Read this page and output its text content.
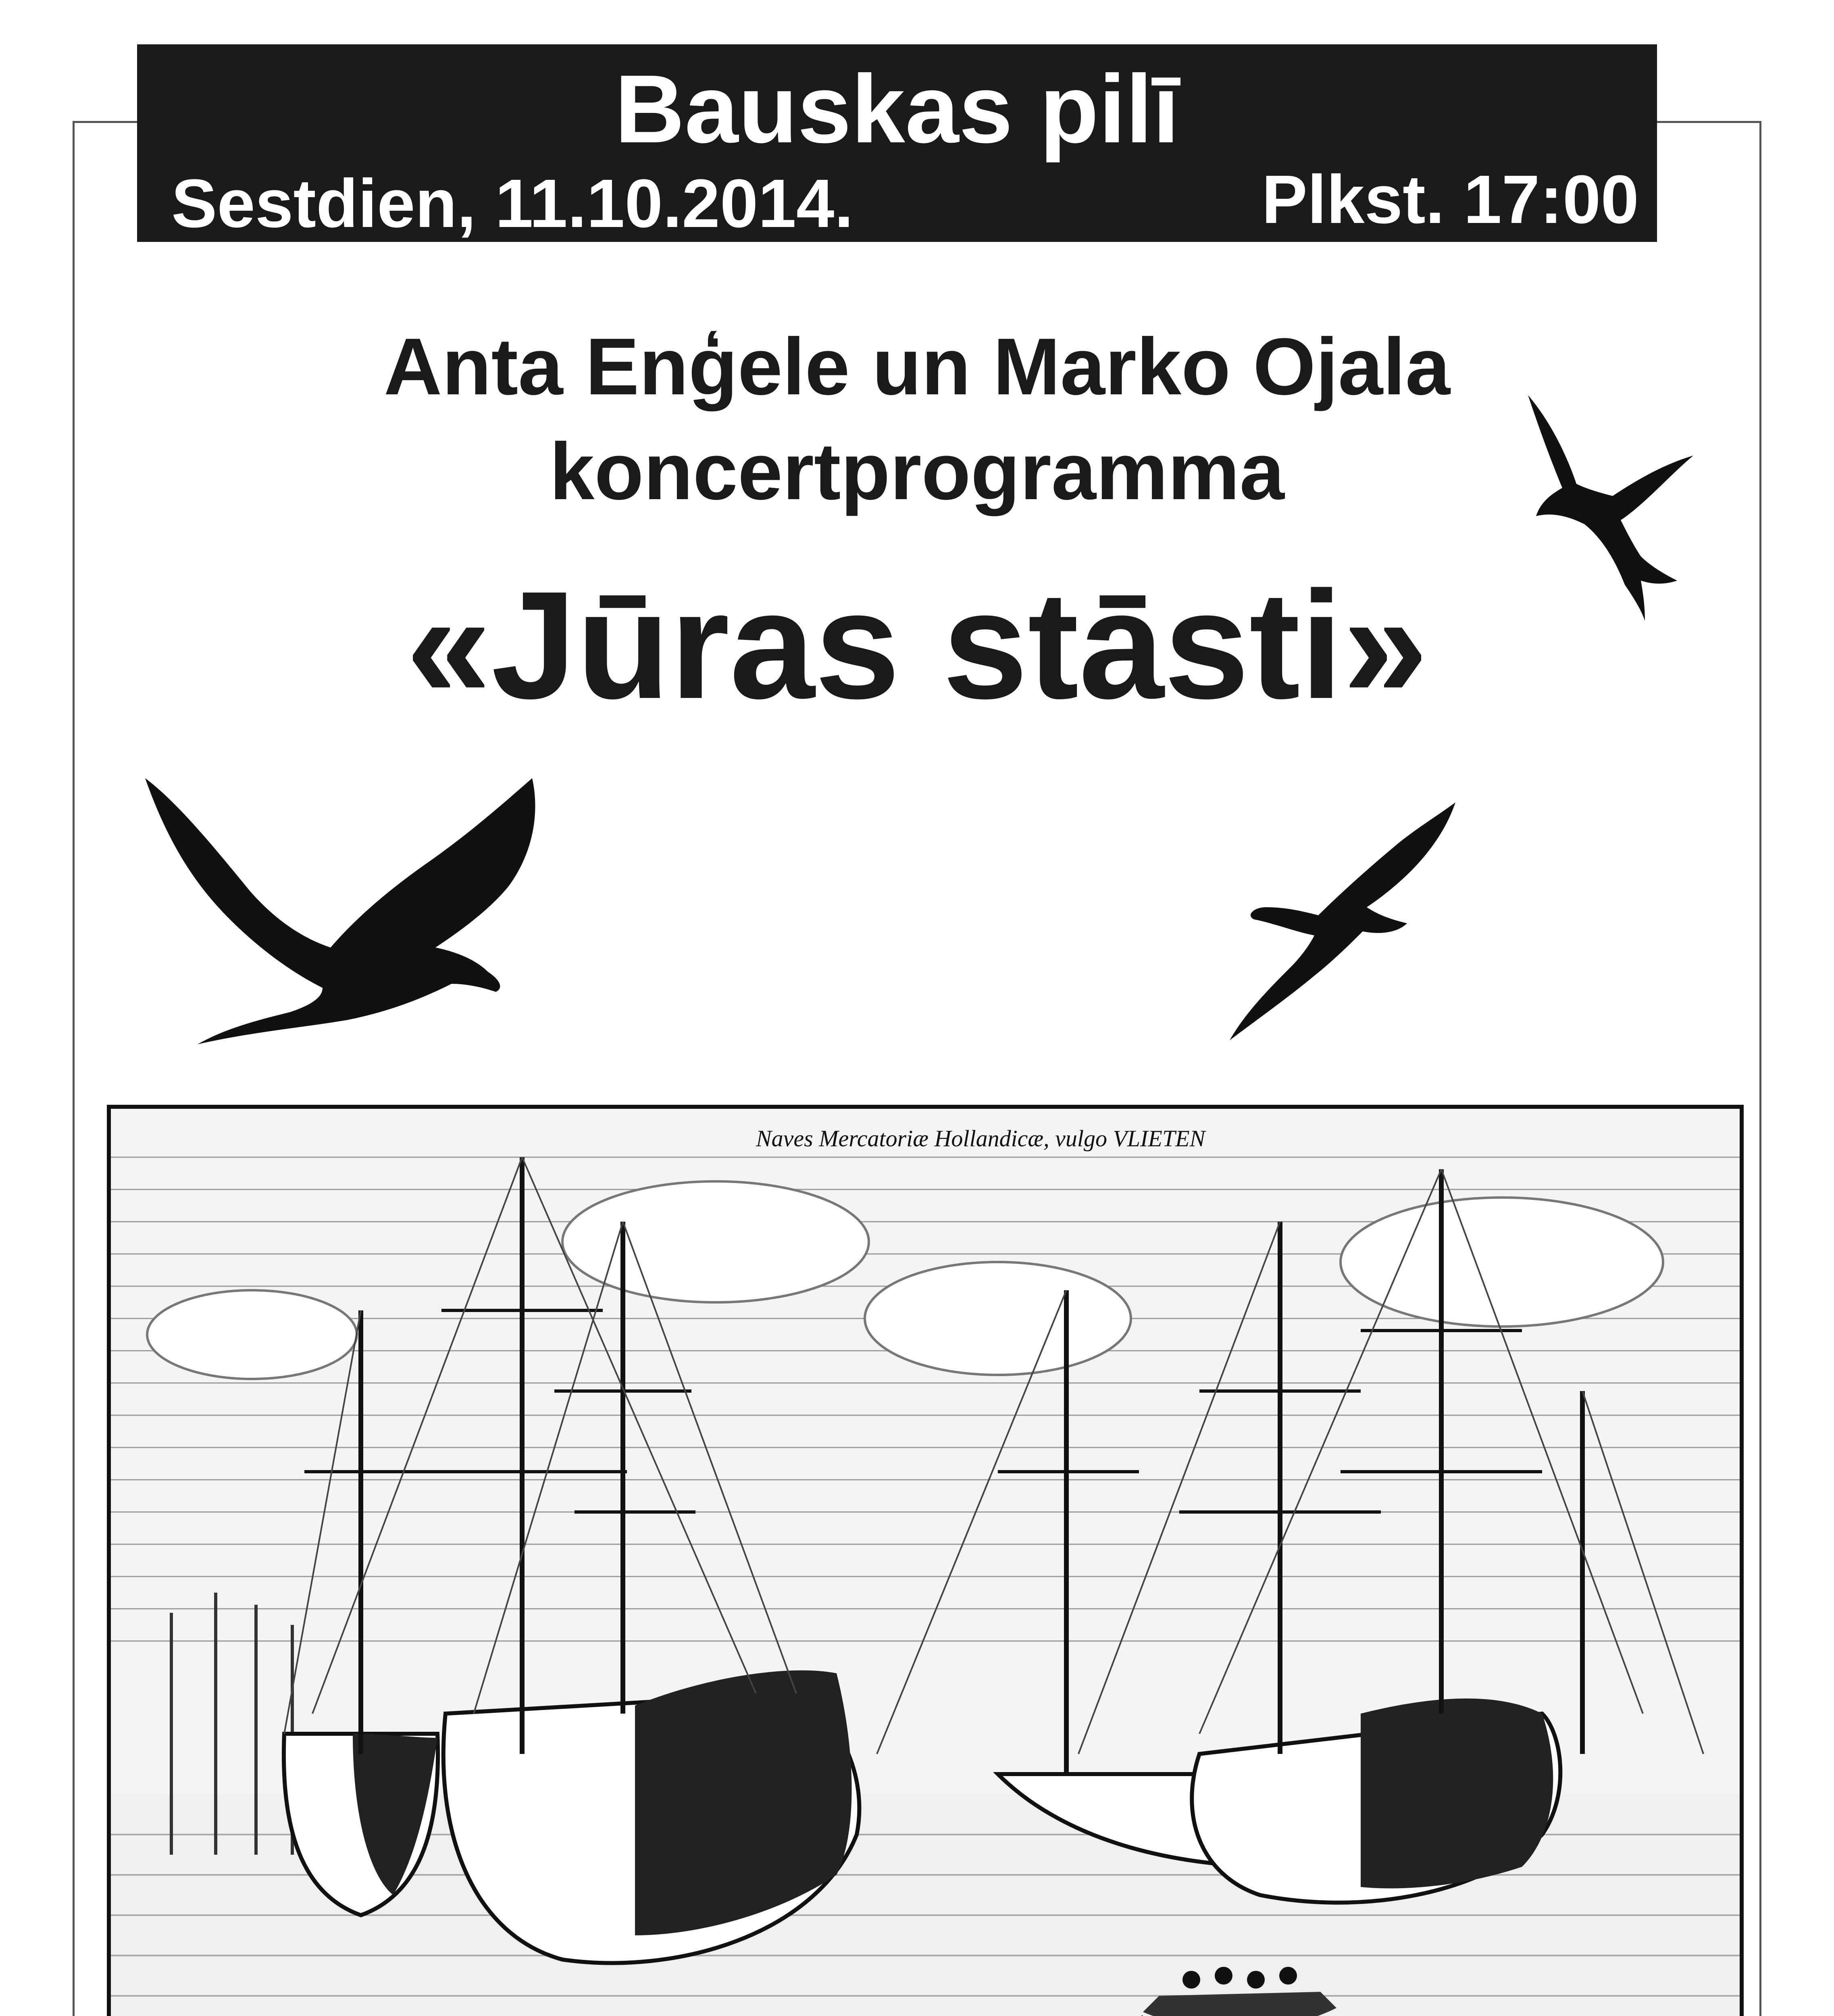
Bauskas pilī
Sestdien, 11.10.2014.	Plkst. 17:00
Anta Enģele un Marko Ojala
koncertprogramma
«Jūras stāsti»
Naves Mercatoriæ Hollandicæ, vulgo VLIETEN
